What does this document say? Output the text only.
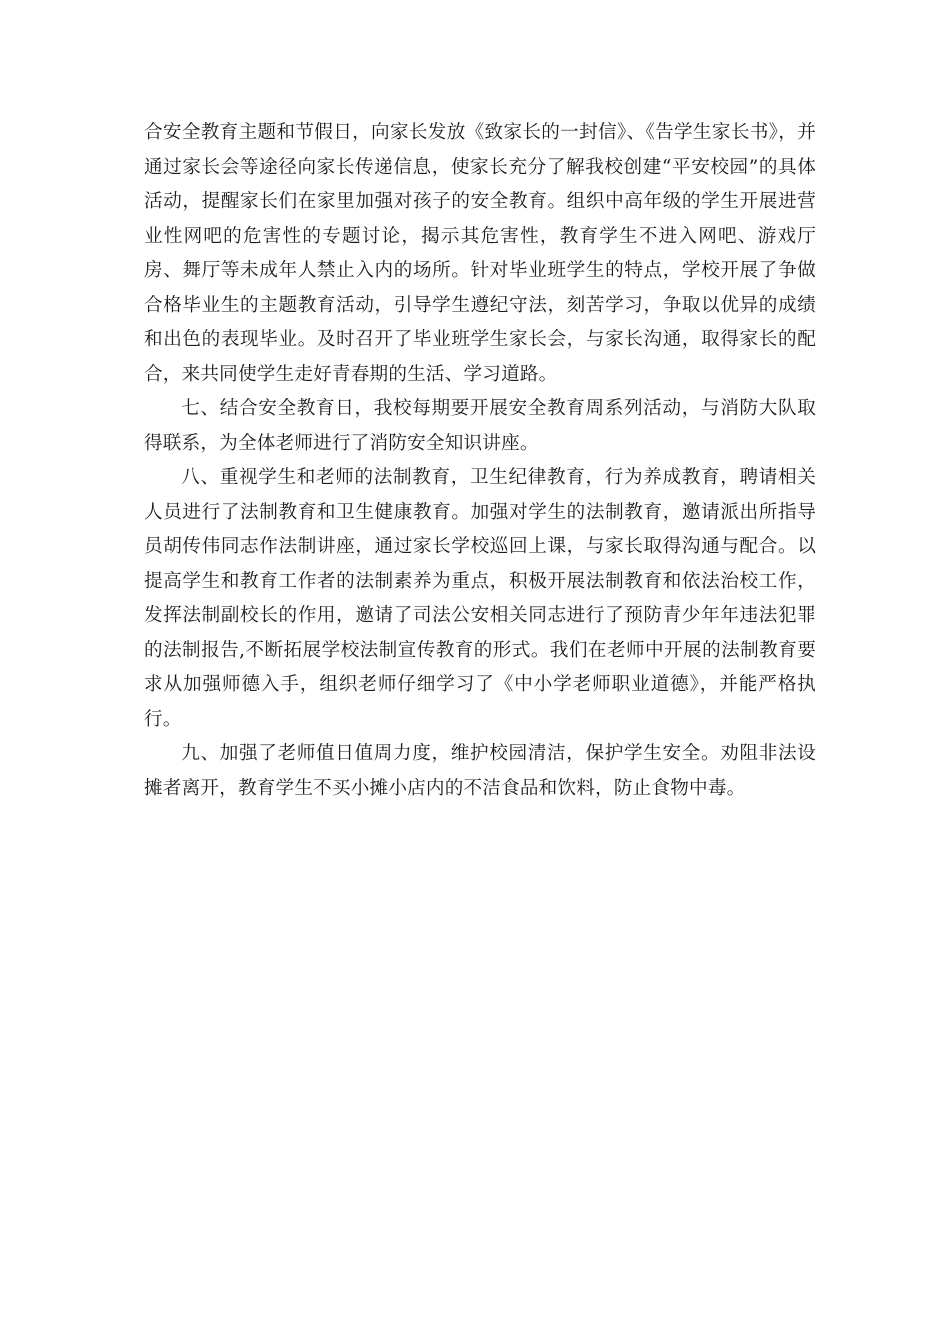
合安全教育主题和节假日，向家长发放《致家长的一封信》、《告学生家长书》，并通过家长会等途径向家长传递信息，使家长充分了解我校创建“平安校园”的具体活动，提醒家长们在家里加强对孩子的安全教育。组织中高年级的学生开展进营业性网吧的危害性的专题讨论，揭示其危害性，教育学生不进入网吧、游戏厅房、舞厅等未成年人禁止入内的场所。针对毕业班学生的特点，学校开展了争做合格毕业生的主题教育活动，引导学生遵纪守法，刻苦学习，争取以优异的成绩和出色的表现毕业。及时召开了毕业班学生家长会，与家长沟通，取得家长的配合，来共同使学生走好青春期的生活、学习道路。

七、结合安全教育日，我校每期要开展安全教育周系列活动，与消防大队取得联系，为全体老师进行了消防安全知识讲座。

八、重视学生和老师的法制教育，卫生纪律教育，行为养成教育，聘请相关人员进行了法制教育和卫生健康教育。加强对学生的法制教育，邀请派出所指导员胡传伟同志作法制讲座，通过家长学校巡回上课，与家长取得沟通与配合。以提高学生和教育工作者的法制素养为重点，积极开展法制教育和依法治校工作，发挥法制副校长的作用，邀请了司法公安相关同志进行了预防青少年年违法犯罪的法制报告,不断拓展学校法制宣传教育的形式。我们在老师中开展的法制教育要求从加强师德入手，组织老师仔细学习了《中小学老师职业道德》，并能严格执行。

九、加强了老师值日值周力度，维护校园清洁，保护学生安全。劝阻非法设摊者离开，教育学生不买小摊小店内的不洁食品和饮料，防止食物中毒。
